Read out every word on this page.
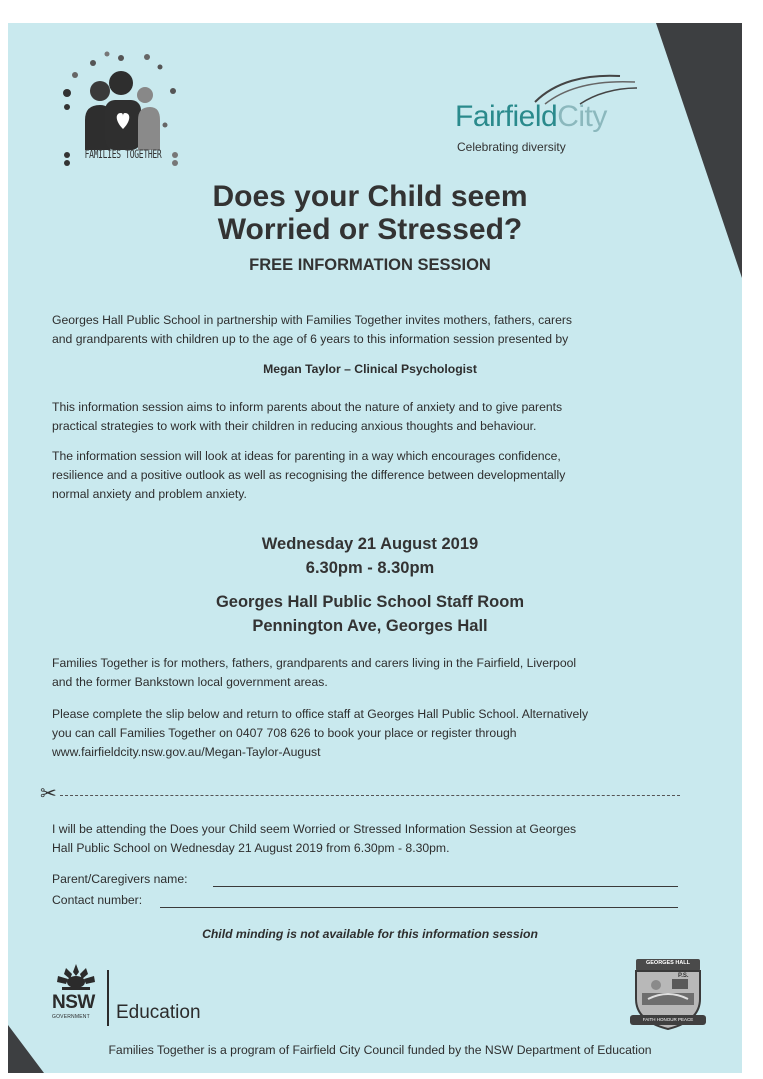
FAMILIES TOGETHER
FairfieldCity
Celebrating diversity
Does your Child seem
Worried or Stressed?
FREE INFORMATION SESSION
Georges Hall Public School in partnership with Families Together invites mothers, fathers, carers
and grandparents with children up to the age of 6 years to this information session presented by
Megan Taylor – Clinical Psychologist
This information session aims to inform parents about the nature of anxiety and to give parents
practical strategies to work with their children in reducing anxious thoughts and behaviour.
The information session will look at ideas for parenting in a way which encourages confidence,
resilience and a positive outlook as well as recognising the difference between developmentally
normal anxiety and problem anxiety.
Wednesday 21 August 2019
6.30pm - 8.30pm
Georges Hall Public School Staff Room
Pennington Ave, Georges Hall
Families Together is for mothers, fathers, grandparents and carers living in the Fairfield, Liverpool
and the former Bankstown local government areas.
Please complete the slip below and return to office staff at Georges Hall Public School. Alternatively
you can call Families Together on 0407 708 626 to book your place or register through
www.fairfieldcity.nsw.gov.au/Megan-Taylor-August
✂
I will be attending the Does your Child seem Worried or Stressed Information Session at Georges
Hall Public School on Wednesday 21 August 2019 from 6.30pm - 8.30pm.
Parent/Caregivers name:
Contact number:
Child minding is not available for this information session
NSW
GOVERNMENT Education
GEORGES HALL
P.S.
FAITH HONOUR PEACE
Families Together is a program of Fairfield City Council funded by the NSW Department of Education
